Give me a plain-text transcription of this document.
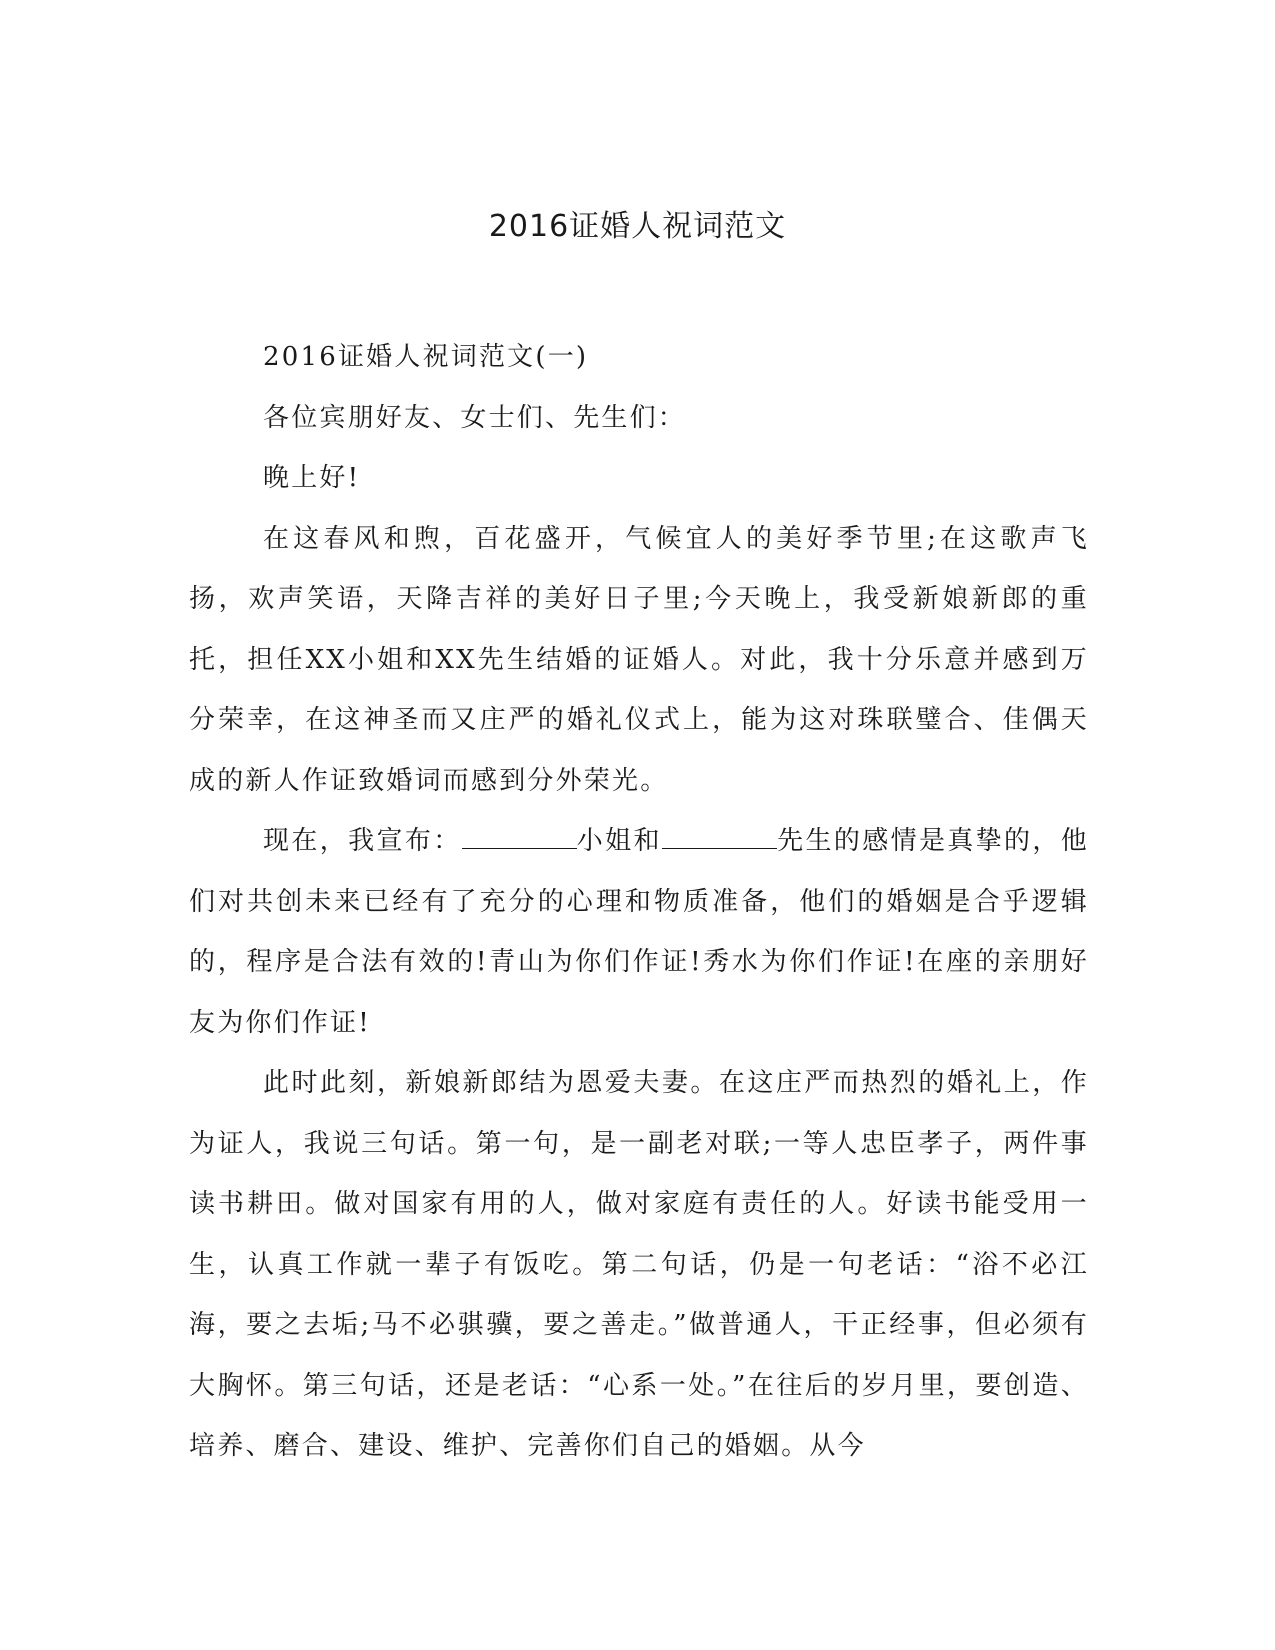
2016证婚人祝词范文

2016证婚人祝词范文(一)

各位宾朋好友、女士们、先生们：

晚上好!

在这春风和煦，百花盛开，气候宜人的美好季节里;在这歌声飞扬，欢声笑语，天降吉祥的美好日子里;今天晚上，我受新娘新郎的重托，担任XX小姐和XX先生结婚的证婚人。对此，我十分乐意并感到万分荣幸，在这神圣而又庄严的婚礼仪式上，能为这对珠联璧合、佳偶天成的新人作证致婚词而感到分外荣光。

现在，我宣布：	小姐和	先生的感情是真挚的，他们对共创未来已经有了充分的心理和物质准备，他们的婚姻是合乎逻辑的，程序是合法有效的!青山为你们作证!秀水为你们作证!在座的亲朋好友为你们作证!

此时此刻，新娘新郎结为恩爱夫妻。在这庄严而热烈的婚礼上，作为证人，我说三句话。第一句，是一副老对联;一等人忠臣孝子，两件事读书耕田。做对国家有用的人，做对家庭有责任的人。好读书能受用一生，认真工作就一辈子有饭吃。第二句话，仍是一句老话：“浴不必江海，要之去垢;马不必骐骥，要之善走。”做普通人，干正经事，但必须有大胸怀。第三句话，还是老话：“心系一处。”在往后的岁月里，要创造、培养、磨合、建设、维护、完善你们自己的婚姻。从今
